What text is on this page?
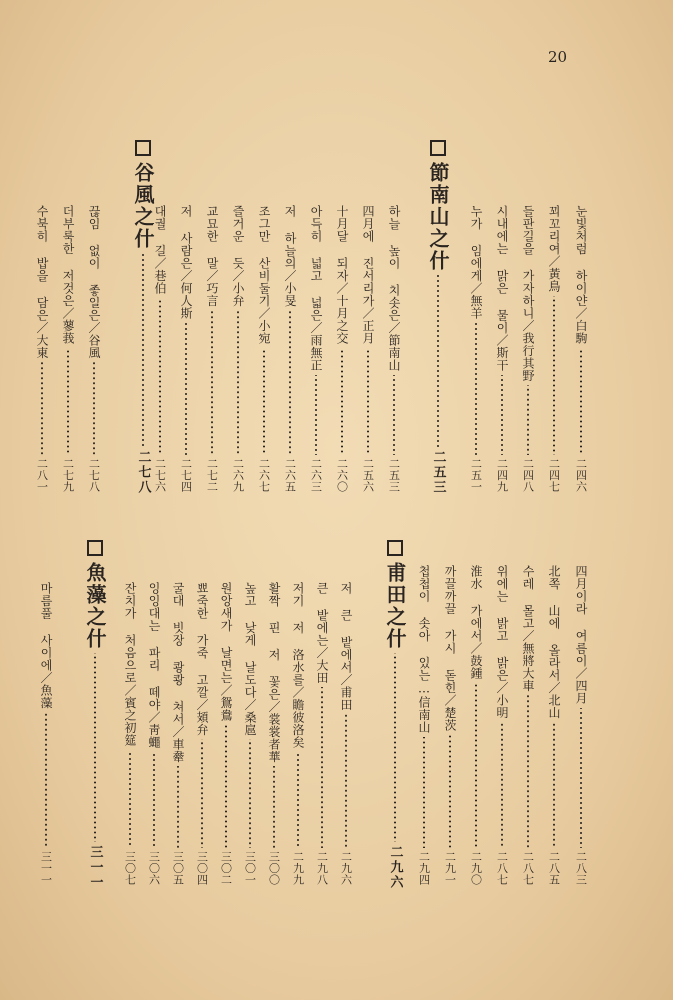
20
눈빛처럼 하이얀／白駒
二四六
꾀꼬리여／黃鳥
二四七
들판길을 가자하니／我行其野
二四八
시내에는 맑은 물이／斯干
二四九
누가 임에게／無羊
二五一
節南山之什
二五三
하늘 높이 치솟은／節南山
二五三
四月에 진서리가／正月
二五六
十月달 되자／十月之交
二六〇
아득히 넓고 넓은／雨無正
二六三
저 하늘의／小旻
二六五
조그만 산비둘기／小宛
二六七
즐거운 듯／小弁
二六九
교묘한 말／巧言
二七二
저 사람은／何人斯
二七四
대궐 길／巷伯
二七六
谷風之什
二七八
끊임 없이 좋일은／谷風
二七八
더부룩한 저것은／蓼莪
二七九
수북히 밥을 담은／大東
二八一
四月이라 여름이／四月
二八三
北쪽 山에 올라서／北山
二八五
수레 몰고／無將大車
二八七
위에는 밝고 밝은／小明
二八七
淮水 가에서／鼓鍾
二九〇
까끌까끌 가시 돋힌／楚茨
二九一
첩첩이 솟아 있는…信南山
二九四
甫田之什
二九六
저 큰 밭에서／甫田
二九六
큰 밭에는／大田
二九八
저기 저 洛水를／瞻彼洛矣
二九九
활짝 핀 저 꽃은／裳裳者華
三〇〇
높고 낮게 날도다／桑扈
三〇一
원앙새가 날면는／鴛鴦
三〇二
뾰죽한 가죽 고깔／頍弁
三〇四
굴대 빗장 쾅쾅 쳐서／車舝
三〇五
잉잉대는 파리 떼야／靑蠅
三〇六
잔치가 처음으로／賓之初筵
三〇七
魚藻之什
三一一
마름풀 사이에／魚藻
三一一
